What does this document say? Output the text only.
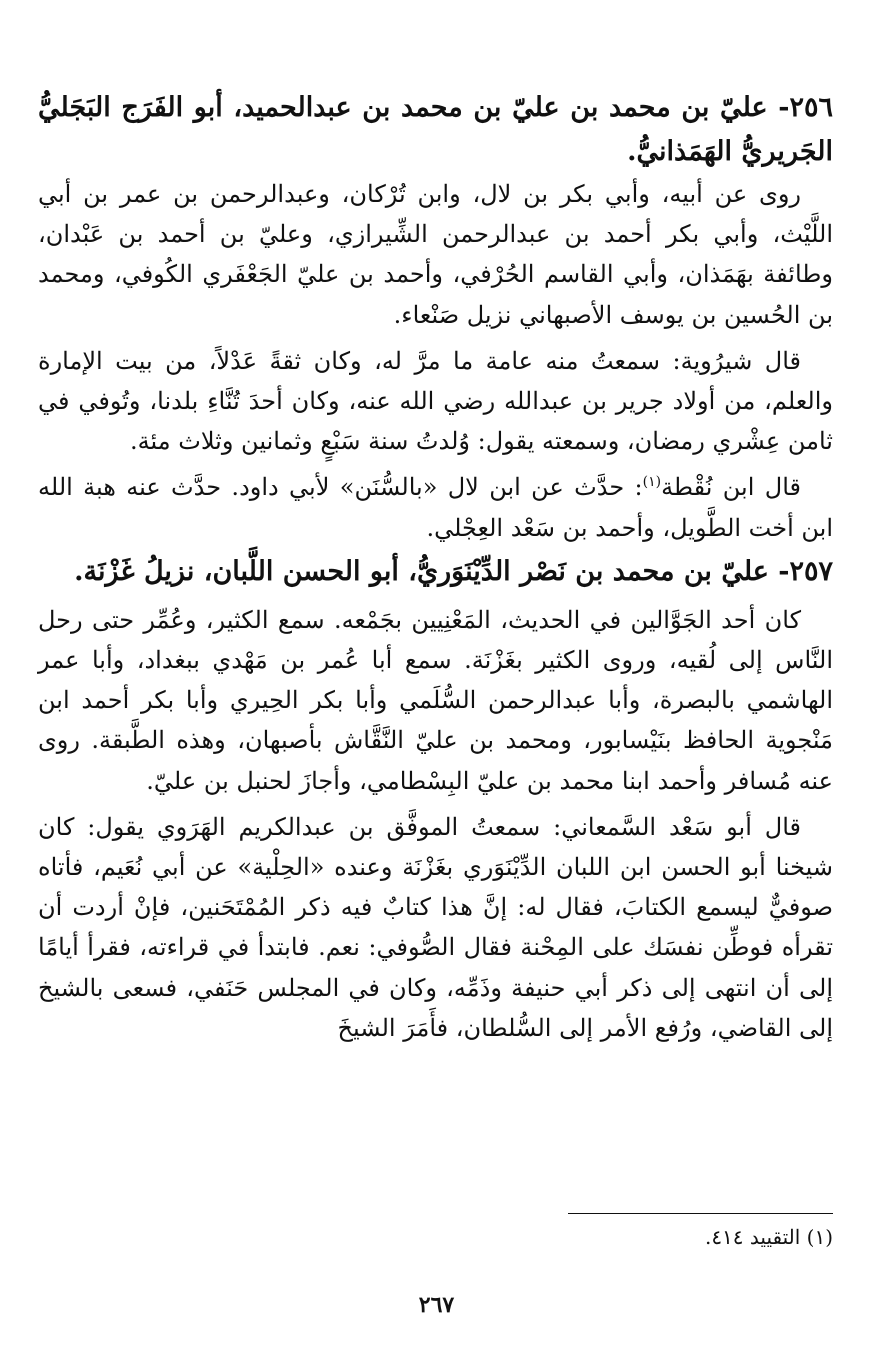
٢٥٦- عليّ بن محمد بن عليّ بن محمد بن عبدالحميد، أبو الفَرَج البَجَليُّ الجَريريُّ الهَمَذانيُّ.

روى عن أبيه، وأبي بكر بن لال، وابن تُرْكان، وعبدالرحمن بن عمر بن أبي اللَّيْث، وأبي بكر أحمد بن عبدالرحمن الشِّيرازي، وعليّ بن أحمد بن عَبْدان، وطائفة بهَمَذان، وأبي القاسم الحُرْفي، وأحمد بن عليّ الجَعْفَري الكُوفي، ومحمد بن الحُسين بن يوسف الأصبهاني نزيل صَنْعاء.

قال شيرُوية: سمعتُ منه عامة ما مرَّ له، وكان ثقةً عَدْلاً، من بيت الإمارة والعلم، من أولاد جرير بن عبدالله رضي الله عنه، وكان أحدَ تُنَّاءِ بلدنا، وتُوفي في ثامن عِشْري رمضان، وسمعته يقول: وُلدتُ سنة سَبْعٍ وثمانين وثلاث مئة.

قال ابن نُقْطة$^{(١)}$: حدَّث عن ابن لال «بالسُّنَن» لأبي داود. حدَّث عنه هبة الله ابن أخت الطَّويل، وأحمد بن سَعْد العِجْلي.

٢٥٧- عليّ بن محمد بن نَصْر الدِّيْنَوَريُّ، أبو الحسن اللَّبان، نزيلُ غَزْنَة.

كان أحد الجَوَّالين في الحديث، المَعْنِيين بجَمْعه. سمع الكثير، وعُمِّر حتى رحل النَّاس إلى لُقيه، وروى الكثير بغَزْنَة. سمع أبا عُمر بن مَهْدي ببغداد، وأبا عمر الهاشمي بالبصرة، وأبا عبدالرحمن السُّلَمي وأبا بكر الحِيري وأبا بكر أحمد ابن مَنْجوية الحافظ بنَيْسابور، ومحمد بن عليّ النَّقَّاش بأصبهان، وهذه الطَّبقة. روى عنه مُسافر وأحمد ابنا محمد بن عليّ البِسْطامي، وأجازَ لحنبل بن عليّ.

قال أبو سَعْد السَّمعاني: سمعتُ الموفَّق بن عبدالكريم الهَرَوي يقول: كان شيخنا أبو الحسن ابن اللبان الدِّيْنَوَري بغَزْنَة وعنده «الحِلْية» عن أبي نُعَيم، فأتاه صوفيٌّ ليسمع الكتابَ، فقال له: إنَّ هذا كتابٌ فيه ذكر المُمْتَحَنين، فإنْ أردت أن تقرأه فوطِّن نفسَك على المِحْنة فقال الصُّوفي: نعم. فابتدأ في قراءته، فقرأ أيامًا إلى أن انتهى إلى ذكر أبي حنيفة وذَمِّه، وكان في المجلس حَنَفي، فسعى بالشيخ إلى القاضي، ورُفع الأمر إلى السُّلطان، فأَمَرَ الشيخَ

(١) التقييد ٤١٤.
٢٦٧
